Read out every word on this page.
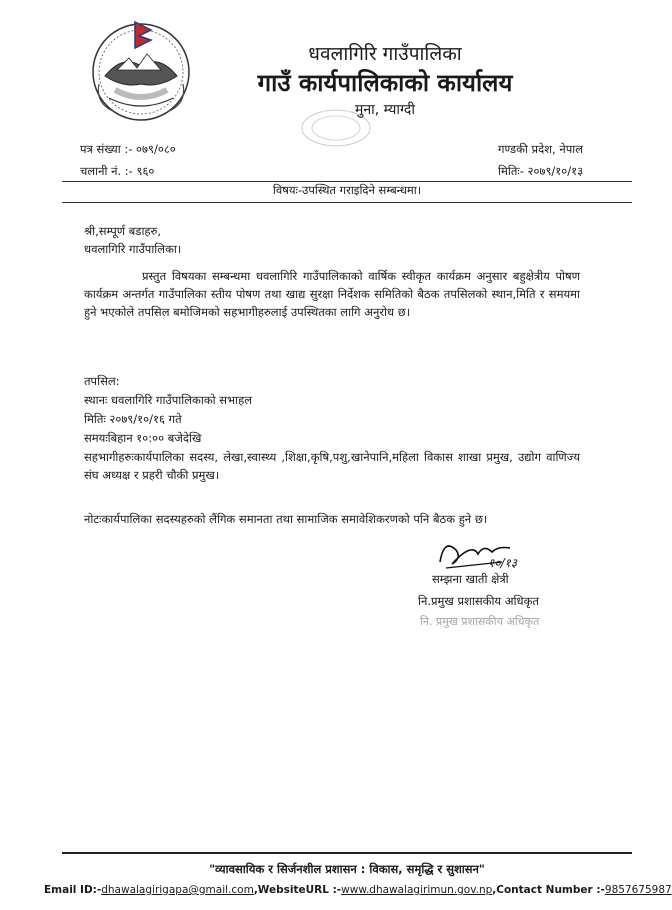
धवलागिरि गाउँपालिका
गाउँ कार्यपालिकाको कार्यालय
मुना, म्याग्दी
पत्र संख्या :- ०७९/०८०
चलानी नं. :- ९६०
गण्डकी प्रदेश, नेपाल
मितिः- २०७९/१०/१३
विषयः-उपस्थित गराइदिने सम्बन्धमा।
श्री,सम्पूर्ण बडाहरु,
धवलागिरि गाउँपालिका।
प्रस्तुत विषयका सम्बन्धमा धवलागिरि गाउँपालिकाको वार्षिक स्वीकृत कार्यक्रम अनुसार बहुक्षेत्रीय पोषण कार्यक्रम अन्तर्गत गाउँपालिका स्तीय पोषण तथा खाद्य सुरक्षा निर्देशक समितिको बैठक तपसिलको स्थान,मिति र समयमा हुने भएकोले तपसिल बमोजिमको सहभागीहरुलाई उपस्थितका लागि अनुरोध छ।
तपसिल:
स्थानः धवलागिरि गाउँपालिकाको सभाहल
मितिः २०७९/१०/१६ गते
समयःबिहान १०:०० बजेदेखि
सहभागीहरुःकार्यपालिका सदस्य, लेखा,स्वास्थ्य ,शिक्षा,कृषि,पशु,खानेपानि,महिला विकास शाखा प्रमुख, उद्योग वाणिज्य संघ अध्यक्ष र प्रहरी चौकी प्रमुख।
नोटःकार्यपालिका सदस्यहरुको लैंगिक समानता तथा सामाजिक समावेशिकरणको पनि बैठक हुने छ।
१०/१३
सम्झना खाती क्षेत्री
नि.प्रमुख प्रशासकीय अधिकृत
नि. प्रमुख प्रशासकीय अधिकृत
"व्यावसायिक र सिर्जनशील प्रशासन : विकास, समृद्धि र सुशासन"
Email ID:-dhawalagirigapa@gmail.com,WebsiteURL :-www.dhawalagirimun.gov.np,Contact Number :-9857675987
